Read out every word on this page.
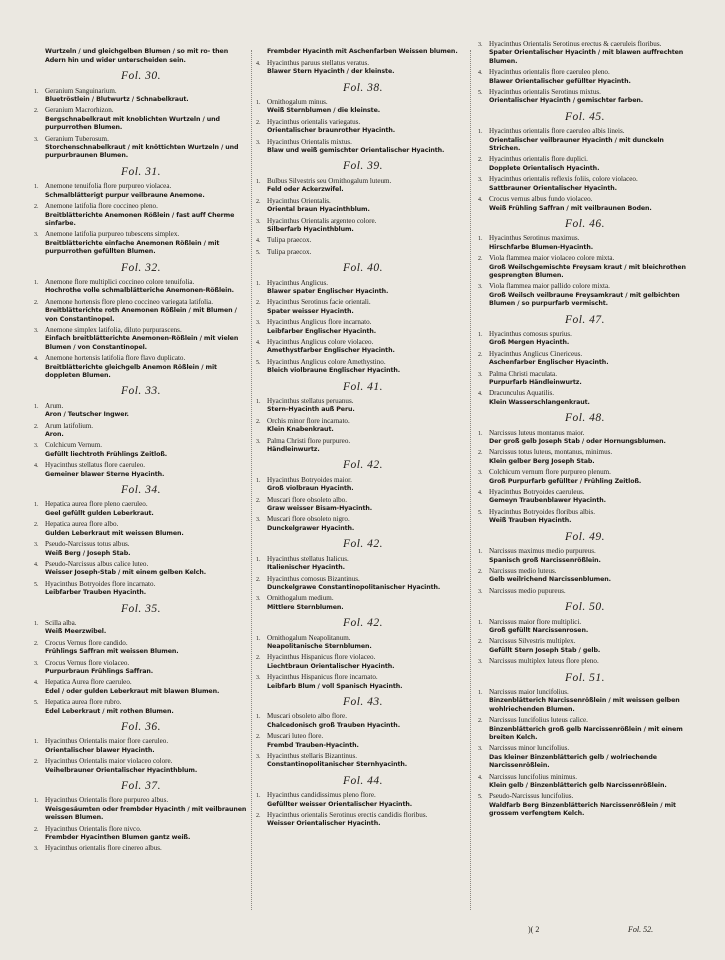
Wurtzeln / und gleichgelben Blumen / so mit ro- then Adern hin und wider unterscheiden sein.
Fol. 30.
1. Geranium Sanguinarium.
Bluetröstlein / Blutwurtz / Schnabelkraut.
2. Geranium Macrorhizon.
Bergschnabelkraut mit knoblichten Wurtzeln / und purpurrothen Blumen.
3. Geranium Tuberosum.
Storchenschnabelkraut / mit knöttichten Wurtzeln / und purpurbraunen Blumen.
Fol. 31.
1. Anemone tenuifolia flore purpureo violacea.
Schmalblätterigt purpur veilbraune Anemone.
2. Anemone latifolia flore coccineo pleno.
Breitblätterichte Anemonen Rößlein / fast auff Cherme sinfarbe.
3. Anemone latifolia purpureo tubescens simplex.
Breitblätterichte einfache Anemonen Rößlein / mit purpurrothen gefüllten Blumen.
Fol. 32.
1. Anemone flore multiplici coccineo colore tenuifolia.
Hochrothe volle schmalblätteriche Anemonen-Rößlein.
2. Anemone hortensis flore pleno coccineo variegata latifolia.
Breitblätterichte roth Anemonen Rößlein / mit Blumen / von Constantinopel.
3. Anemone simplex latifolia, diluto purpurascens.
Einfach breitblätterichte Anemonen-Rößlein / mit vielen Blumen / von Constantinopel.
4. Anemone hortensis latifolia flore flavo duplicato.
Breitblätterichte gleichgelb Anemon Rößlein / mit doppleten Blumen.
Fol. 33.
1. Arum.
Aron / Teutscher Ingwer.
2. Arum latifolium.
Aron.
3. Colchicum Vernum.
Gefüllt liechtroth Frühlings Zeitloß.
4. Hyacinthus stellatus flore caeruleo.
Gemeiner blawer Sterne Hyacinth.
Fol. 34.
1. Hepatica aurea flore pleno caeruleo.
Geel gefüllt gulden Leberkraut.
2. Hepatica aurea flore albo.
Gulden Leberkraut mit weissen Blumen.
3. Pseudo-Narcissus totus albus.
Weiß Berg / Joseph Stab.
4. Pseudo-Narcissus albus calice luteo.
Weisser Joseph-Stab / mit einem gelben Kelch.
5. Hyacinthus Botryoides flore incarnato.
Leibfarber Trauben Hyacinth.
Fol. 35.
1. Scilla alba.
Weiß Meerzwibel.
2. Crocus Vernus flore candido.
Frühlings Saffran mit weissen Blumen.
3. Crocus Vernus flore violaceo.
Purpurbraun Frühlings Saffran.
4. Hepatica Aurea flore caeruleo.
Edel / oder gulden Leberkraut mit blawen Blumen.
5. Hepatica aurea flore rubro.
Edel Leberkraut / mit rothen Blumen.
Fol. 36.
1. Hyacinthus Orientalis maior flore caeruleo.
Orientalischer blawer Hyacinth.
2. Hyacinthus Orientalis maior violaceo colore.
Veihelbrauner Orientalischer Hyacinthblum.
Fol. 37.
1. Hyacinthus Orientalis flore purpureo albus.
Weisgesäumten oder frembder Hyacinth / mit veilbraunen weissen Blumen.
2. Hyacinthus Orientalis flore nivco.
Frembder Hyacinthen Blumen gantz weiß.
3. Hyacinthus orientalis flore cinereo albus.
Frembder Hyacinth mit Aschenfarben Weissen blumen.
4. Hyacinthus paruus stellatus veratus.
Blawer Stern Hyacinth / der kleinste.
Fol. 38.
1. Ornithogalum minus.
Weiß Sternblumen / die kleinste.
2. Hyacinthus orientalis variegatus.
Orientalischer braunrother Hyacinth.
3. Hyacinthus Orientalis mixtus.
Blaw und weiß gemischter Orientalischer Hyacinth.
Fol. 39.
1. Bulbus Silvestris seu Ornithogalum luteum.
Feld oder Ackerzwifel.
2. Hyacinthus Orientalis.
Oriental braun Hyacinthblum.
3. Hyacinthus Orientalis argenteo colore.
Silberfarb Hyacinthblum.
4. Tulipa praecox.
5. Tulipa praecox.
Fol. 40.
1. Hyacinthus Anglicus.
Blawer spater Englischer Hyacinth.
2. Hyacinthus Serotinus facie orientali.
Spater weisser Hyacinth.
3. Hyacinthus Anglicus flore incarnato.
Leibfarber Englischer Hyacinth.
4. Hyacinthus Anglicus colore violaceo.
Amethystfarber Englischer Hyacinth.
5. Hyacinthus Anglicus colore Amethystino.
Bleich violbraune Englischer Hyacinth.
Fol. 41.
1. Hyacinthus stellatus peruanus.
Stern-Hyacinth auß Peru.
2. Orchis minor flore incarnato.
Klein Knabenkraut.
3. Palma Christi flore purpureo.
Händleinwurtz.
Fol. 42.
1. Hyacinthus Botryoides maior.
Groß violbraun Hyacinth.
2. Muscari flore obsoleto albo.
Graw weisser Bisam-Hyacinth.
3. Muscari flore obsoleto nigro.
Dunckelgrawer Hyacinth.
Fol. 42.
1. Hyacinthus stellatus Italicus.
Italienischer Hyacinth.
2. Hyacinthus comosus Bizantinus.
Dunckelgrawe Constantinopolitanischer Hyacinth.
3. Ornithogalum medium.
Mittlere Sternblumen.
Fol. 42.
1. Ornithogalum Neapolitanum.
Neapolitanische Sternblumen.
2. Hyacinthus Hispanicus flore violaceo.
Liechtbraun Orientalischer Hyacinth.
3. Hyacinthus Hispanicus flore incarnato.
Leibfarb Blum / voll Spanisch Hyacinth.
Fol. 43.
1. Muscari obsoleto albo flore.
Chalcedonisch groß Trauben Hyacinth.
2. Muscari luteo flore.
Frembd Trauben-Hyacinth.
3. Hyacinthus stellaris Bizantinus.
Constantinopolitanischer Sternhyacinth.
Fol. 44.
1. Hyacinthus candidissimus pleno flore.
Gefüllter weisser Orientalischer Hyacinth.
2. Hyacinthus orientalis Serotinus erectis candidis floribus.
Weisser Orientalischer Hyacinth.
3. Hyacinthus Orientalis Serotinus erectus & caeruleis floribus.
Spater Orientalischer Hyacinth / mit blawen auffrechten Blumen.
4. Hyacinthus orientalis flore caeruleo pleno.
Blawer Orientalischer gefüllter Hyacinth.
5. Hyacinthus orientalis Serotinus mixtus.
Orientalischer Hyacinth / gemischter farben.
Fol. 45.
1. Hyacinthus orientalis flore caeruleo albis lineis.
Orientalischer veilbrauner Hyacinth / mit dunckeln Strichen.
2. Hyacinthus orientalis flore duplici.
Dopplete Orientalisch Hyacinth.
3. Hyacinthus orientalis reflexis foliis, colore violaceo.
Sattbrauner Orientalischer Hyacinth.
4. Crocus vernus albus fundo violaceo.
Weiß Frühling Saffran / mit veilbraunen Boden.
Fol. 46.
1. Hyacinthus Serotinus maximus.
Hirschfarbe Blumen-Hyacinth.
2. Viola flammea maior violaceo colore mixta.
Groß Weilschgemischte Freysam kraut / mit bleichrothen gesprengten Blumen.
3. Viola flammea maior pallido colore mixta.
Groß Weilsch veilbraune Freysamkraut / mit gelbichten Blumen / so purpurfarb vermischt.
Fol. 47.
1. Hyacinthus comosus spurius.
Groß Mergen Hyacinth.
2. Hyacinthus Anglicus Cinericeus.
Aschenfarber Englischer Hyacinth.
3. Palma Christi maculata.
Purpurfarb Händleinwurtz.
4. Dracunculus Aquatilis.
Klein Wasserschlangenkraut.
Fol. 48.
1. Narcissus luteus montanus maior.
Der groß gelb Joseph Stab / oder Hornungsblumen.
2. Narcissus totus luteus, montanus, minimus.
Klein gelber Berg Joseph Stab.
3. Colchicum vernum flore purpureo plenum.
Groß Purpurfarb gefüllter / Frühling Zeitloß.
4. Hyacinthus Botryoides caeruleus.
Gemeyn Traubenblawer Hyacinth.
5. Hyacinthus Botryoides floribus albis.
Weiß Trauben Hyacinth.
Fol. 49.
1. Narcissus maximus medio purpureus.
Spanisch groß Narcissenrößlein.
2. Narcissus medio luteus.
Gelb weilrichend Narcissenblumen.
3. Narcissus medio pupureus.
Fol. 50.
1. Narcissus maior flore multiplici.
Groß gefüllt Narcissenrosen.
2. Narcissus Silvestris multiplex.
Gefüllt Stern Joseph Stab / gelb.
3. Narcissus multiplex luteus flore pleno.
Fol. 51.
1. Narcissus maior luncifolius.
Binzenblätterich Narcissenrößlein / mit weissen gelben wohlriechenden Blumen.
2. Narcissus Iuncifolius luteus calice.
Binzenblätterich groß gelb Narcissenrößlein / mit einem breiten Kelch.
3. Narcissus minor luncifolius.
Das kleiner Binzenblätterich gelb / wolriechende Narcissenrößlein.
4. Narcissus luncifolius minimus.
Klein gelb / Binzenblätterich gelb Narcissenrößlein.
5. Pseudo-Narcissus luncifolius.
Waldfarb Berg Binzenblätterich Narcissenrößlein / mit grossem verfengtem Kelch.
)( 2	Fol. 52.
